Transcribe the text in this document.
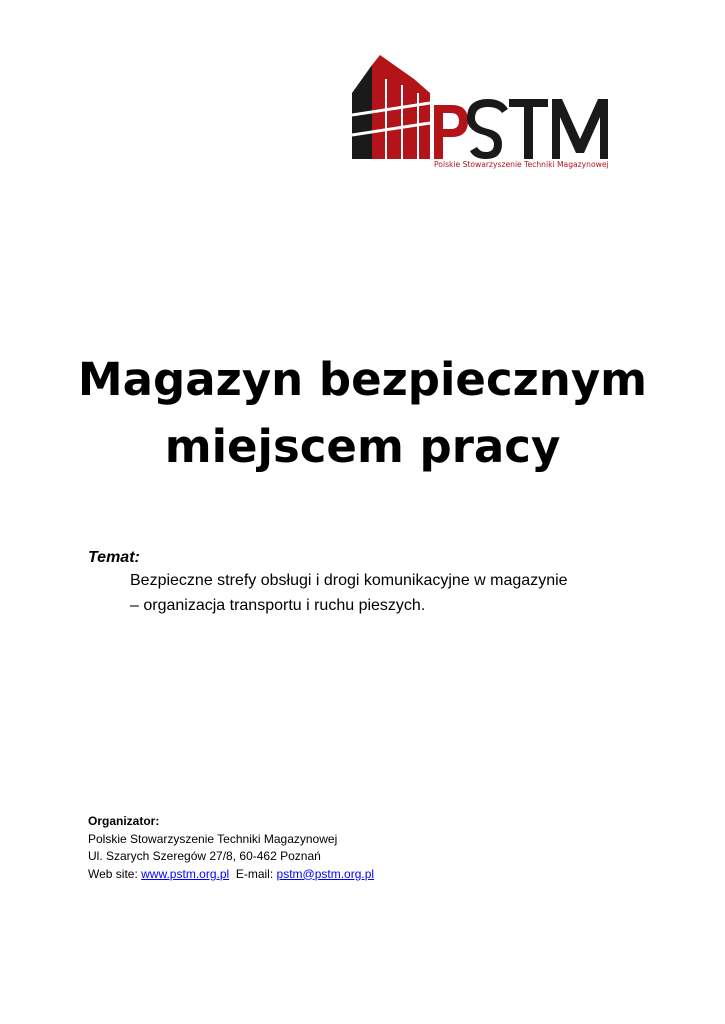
Polskie Stowarzyszenie Techniki Magazynowej
Magazyn bezpiecznym
miejscem pracy
Temat:
Bezpieczne strefy obsługi i drogi komunikacyjne w magazynie
– organizacja transportu i ruchu pieszych.
Organizator:
Polskie Stowarzyszenie Techniki Magazynowej
Ul. Szarych Szeregów 27/8, 60-462 Poznań
Web site: www.pstm.org.pl  E-mail: pstm@pstm.org.pl
